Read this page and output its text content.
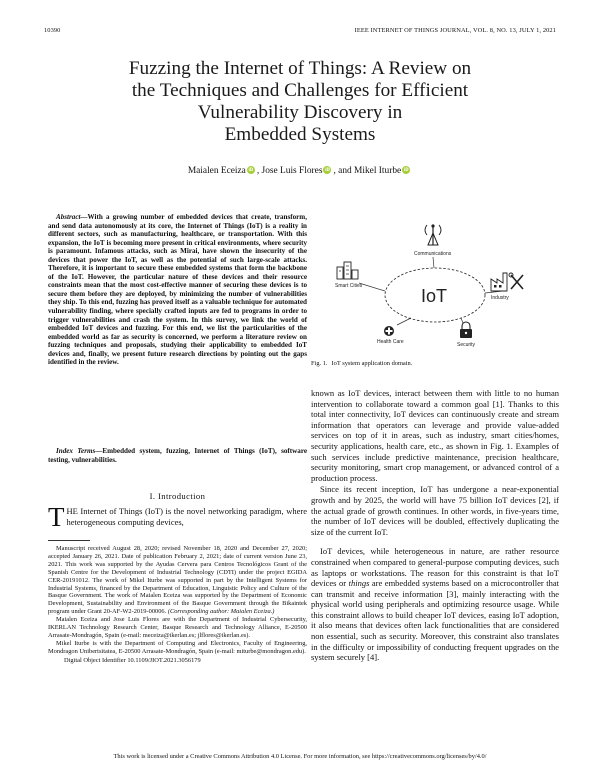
10390	IEEE INTERNET OF THINGS JOURNAL, VOL. 8, NO. 13, JULY 1, 2021
Fuzzing the Internet of Things: A Review on
the Techniques and Challenges for Efficient
Vulnerability Discovery in
Embedded Systems
Maialen Eceiza iD , Jose Luis Flores iD , and Mikel IturbeiD
Abstract—With a growing number of embedded devices that create, transform, and send data autonomously at its core, the Internet of Things (IoT) is a reality in different sectors, such as manufacturing, healthcare, or transportation. With this expansion, the IoT is becoming more present in critical environments, where security is paramount. Infamous attacks, such as Mirai, have shown the insecurity of the devices that power the IoT, as well as the potential of such large-scale attacks. Therefore, it is important to secure these embedded systems that form the backbone of the IoT. However, the particular nature of these devices and their resource constraints mean that the most cost-effective manner of securing these devices is to secure them before they are deployed, by minimizing the number of vulnerabilities they ship. To this end, fuzzing has proved itself as a valuable technique for automated vulnerability finding, where specially crafted inputs are fed to programs in order to trigger vulnerabilities and crash the system. In this survey, we link the world of embedded IoT devices and fuzzing. For this end, we list the particularities of the embedded world as far as security is concerned, we perform a literature review on fuzzing techniques and proposals, studying their applicability to embedded IoT devices and, finally, we present future research directions by pointing out the gaps identified in the review.
Index Terms—Embedded system, fuzzing, Internet of Things (IoT), software testing, vulnerabilities.
I. Introduction
THE Internet of Things (IoT) is the novel networking paradigm, where heterogeneous computing devices,

Manuscript received August 28, 2020; revised November 18, 2020 and December 27, 2020; accepted January 26, 2021. Date of publication February 2, 2021; date of current version June 23, 2021. This work was supported by the Ayudas Cervera para Centros Tecnológicos Grant of the Spanish Centre for the Development of Industrial Technology (CDTI) under the project EGIDA CER-20191012. The work of Mikel Iturbe was supported in part by the Intelligent Systems for Industrial Systems, financed by the Department of Education, Linguistic Policy and Culture of the Basque Government. The work of Maialen Eceiza was supported by the Department of Economic Development, Sustainability and Environment of the Basque Government through the Bikaintek program under Grant 20-AF-W2-2019-00006. (Corresponding author: Maialen Eceiza.)

Maialen Eceiza and Jose Luis Flores are with the Department of Industrial Cybersecurity, IKERLAN Technology Research Center, Basque Research and Technology Alliance, E-20500 Arrasate-Mondragón, Spain (e-mail: meceiza@ikerlan.es; jlflores@ikerlan.es).

Mikel Iturbe is with the Department of Computing and Electronics, Faculty of Engineering, Mondragon Unibertsitatea, E-20500 Arrasate-Mondragón, Spain (e-mail: miturbe@mondragon.edu).

Digital Object Identifier 10.1109/JIOT.2021.3056179

IoT
Communications
Smart Cities
Industry
Health Care	Security
Fig. 1. IoT system application domain.

known as IoT devices, interact between them with little to no human intervention to collaborate toward a common goal [1]. Thanks to this total inter connectivity, IoT devices can continuously create and stream information that operators can leverage and provide value-added services on top of it in areas, such as industry, smart cities/homes, security applications, health care, etc., as shown in Fig. 1. Examples of such services include predictive maintenance, precision healthcare, security monitoring, smart crop management, or advanced control of a production process.

Since its recent inception, IoT has undergone a near-exponential growth and by 2025, the world will have 75 billion IoT devices [2], if the actual grade of growth continues. In other words, in five-years time, the number of IoT devices will be doubled, effectively duplicating the size of the current IoT.

IoT devices, while heterogeneous in nature, are rather resource constrained when compared to general-purpose computing devices, such as laptops or workstations. The reason for this constraint is that IoT devices or things are embedded systems based on a microcontroller that can transmit and receive information [3], mainly interacting with the physical world using peripherals and optimizing resource usage. While this constraint allows to build cheaper IoT devices, easing IoT adoption, it also means that devices often lack functionalities that are considered non essential, such as security. Moreover, this constraint also translates in the difficulty or impossibility of conducting frequent upgrades on the system securely [4].

This work is licensed under a Creative Commons Attribution 4.0 License. For more information, see https://creativecommons.org/licenses/by/4.0/
